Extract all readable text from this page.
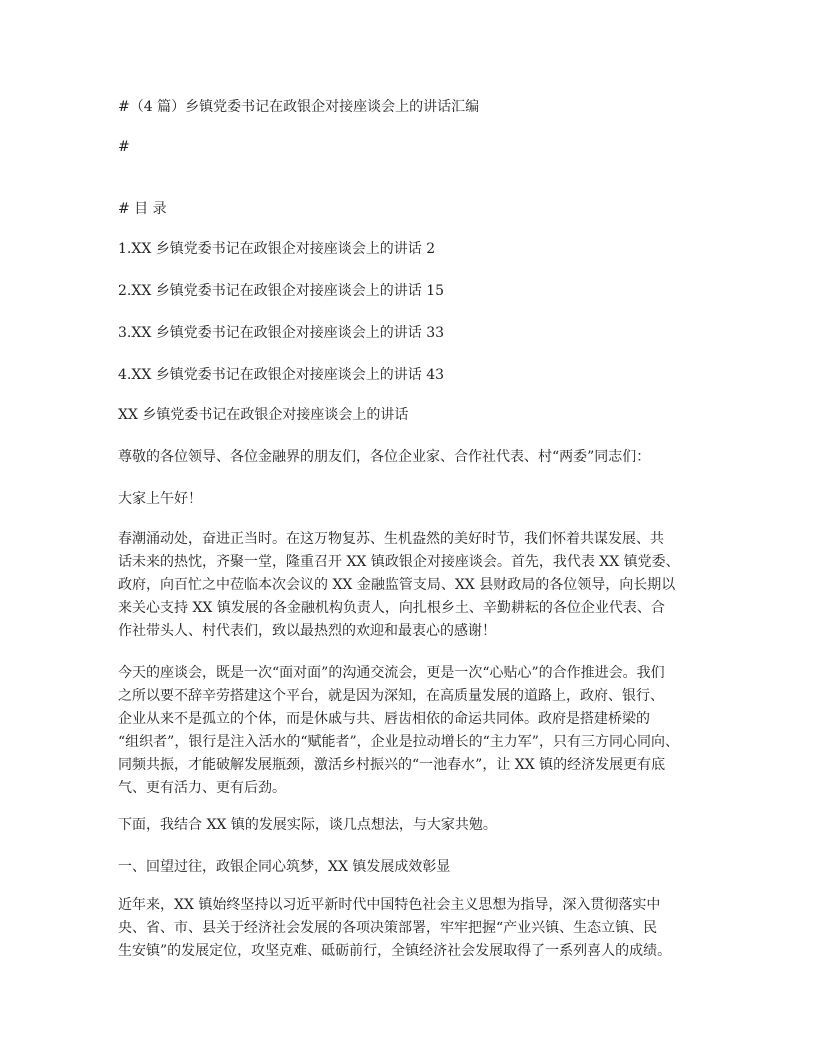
#（4 篇）乡镇党委书记在政银企对接座谈会上的讲话汇编
#
# 目 录
1.XX 乡镇党委书记在政银企对接座谈会上的讲话 2
2.XX 乡镇党委书记在政银企对接座谈会上的讲话 15
3.XX 乡镇党委书记在政银企对接座谈会上的讲话 33
4.XX 乡镇党委书记在政银企对接座谈会上的讲话 43
XX 乡镇党委书记在政银企对接座谈会上的讲话
尊敬的各位领导、各位金融界的朋友们，各位企业家、合作社代表、村“两委”同志们：
大家上午好！
春潮涌动处，奋进正当时。在这万物复苏、生机盎然的美好时节，我们怀着共谋发展、共
话未来的热忱，齐聚一堂，隆重召开 XX 镇政银企对接座谈会。首先，我代表 XX 镇党委、
政府，向百忙之中莅临本次会议的 XX 金融监管支局、XX 县财政局的各位领导，向长期以
来关心支持 XX 镇发展的各金融机构负责人，向扎根乡土、辛勤耕耘的各位企业代表、合
作社带头人、村代表们，致以最热烈的欢迎和最衷心的感谢！
今天的座谈会，既是一次“面对面”的沟通交流会，更是一次“心贴心”的合作推进会。我们
之所以要不辞辛劳搭建这个平台，就是因为深知，在高质量发展的道路上，政府、银行、
企业从来不是孤立的个体，而是休戚与共、唇齿相依的命运共同体。政府是搭建桥梁的
“组织者”，银行是注入活水的“赋能者”，企业是拉动增长的“主力军”，只有三方同心同向、
同频共振，才能破解发展瓶颈，激活乡村振兴的“一池春水”，让 XX 镇的经济发展更有底
气、更有活力、更有后劲。
下面，我结合 XX 镇的发展实际，谈几点想法，与大家共勉。
一、回望过往，政银企同心筑梦，XX 镇发展成效彰显
近年来，XX 镇始终坚持以习近平新时代中国特色社会主义思想为指导，深入贯彻落实中
央、省、市、县关于经济社会发展的各项决策部署，牢牢把握“产业兴镇、生态立镇、民
生安镇”的发展定位，攻坚克难、砥砺前行，全镇经济社会发展取得了一系列喜人的成绩。
